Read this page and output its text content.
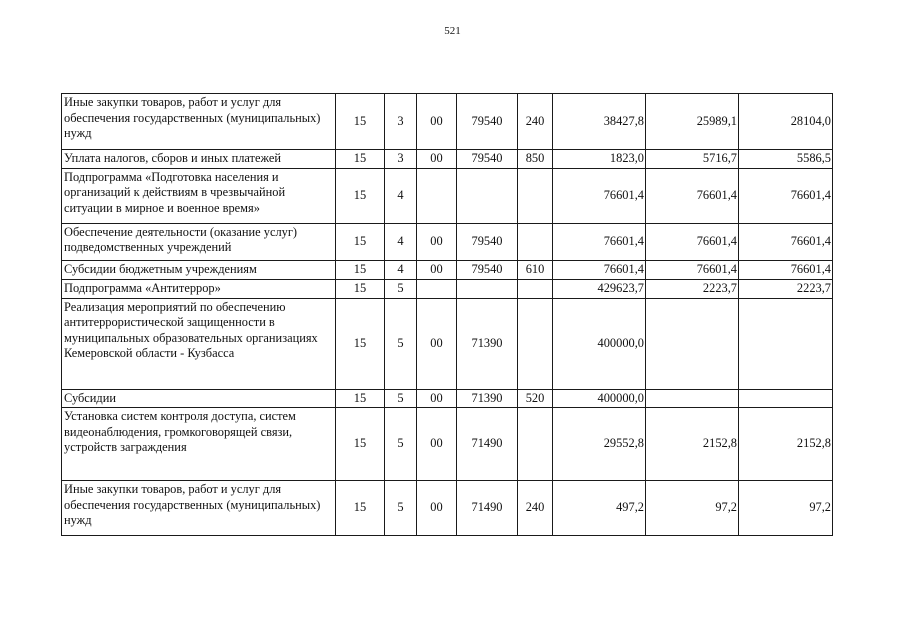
521
Иные закупки товаров, работ и услуг для обеспечения государственных (муниципальных) нужд	15	3	00	79540	240	38427,8	25989,1	28104,0
Уплата налогов, сборов и иных платежей	15	3	00	79540	850	1823,0	5716,7	5586,5
Подпрограмма «Подготовка населения и организаций к действиям в чрезвычайной ситуации в мирное и военное время»	15	4				76601,4	76601,4	76601,4
Обеспечение деятельности (оказание услуг) подведомственных учреждений	15	4	00	79540		76601,4	76601,4	76601,4
Субсидии бюджетным учреждениям	15	4	00	79540	610	76601,4	76601,4	76601,4
Подпрограмма «Антитеррор»	15	5				429623,7	2223,7	2223,7
Реализация мероприятий по обеспечению антитеррористической защищенности в муниципальных образовательных организациях Кемеровской области - Кузбасса	15	5	00	71390		400000,0		
Субсидии	15	5	00	71390	520	400000,0		
Установка систем контроля доступа, систем видеонаблюдения, громкоговорящей связи, устройств заграждения	15	5	00	71490		29552,8	2152,8	2152,8
Иные закупки товаров, работ и услуг для обеспечения государственных (муниципальных) нужд	15	5	00	71490	240	497,2	97,2	97,2
